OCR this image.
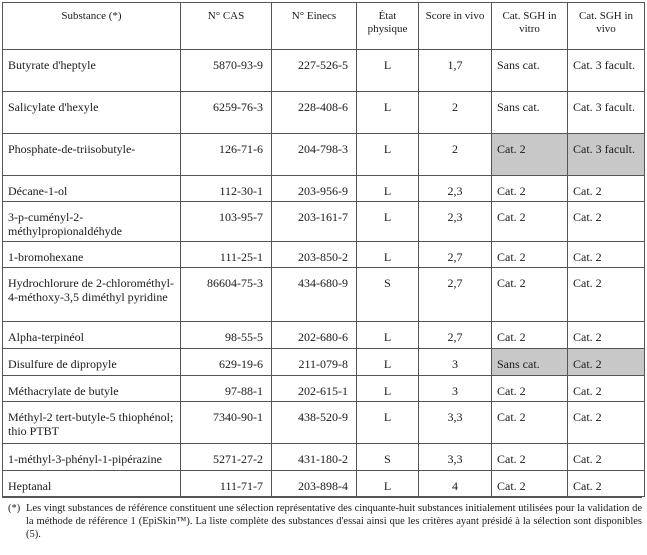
Substance (*)	N° CAS	N° Einecs	État physique	Score in vivo	Cat. SGH in vitro	Cat. SGH in vivo
Butyrate d'heptyle	5870-93-9	227-526-5	L	1,7	Sans cat.	Cat. 3 facult.
Salicylate d'hexyle	6259-76-3	228-408-6	L	2	Sans cat.	Cat. 3 facult.
Phosphate-de-triisobutyle-	126-71-6	204-798-3	L	2	Cat. 2	Cat. 3 facult.
Décane-1-ol	112-30-1	203-956-9	L	2,3	Cat. 2	Cat. 2
3-p-cuményl-2-méthylpropionaldéhyde	103-95-7	203-161-7	L	2,3	Cat. 2	Cat. 2
1-bromohexane	111-25-1	203-850-2	L	2,7	Cat. 2	Cat. 2
Hydrochlorure de 2-chlorométhyl-4-méthoxy-3,5 diméthyl pyridine	86604-75-3	434-680-9	S	2,7	Cat. 2	Cat. 2
Alpha-terpinéol	98-55-5	202-680-6	L	2,7	Cat. 2	Cat. 2
Disulfure de dipropyle	629-19-6	211-079-8	L	3	Sans cat.	Cat. 2
Méthacrylate de butyle	97-88-1	202-615-1	L	3	Cat. 2	Cat. 2
Méthyl-2 tert-butyle-5 thiophénol; thio PTBT	7340-90-1	438-520-9	L	3,3	Cat. 2	Cat. 2
1-méthyl-3-phényl-1-pipérazine	5271-27-2	431-180-2	S	3,3	Cat. 2	Cat. 2
Heptanal	111-71-7	203-898-4	L	4	Cat. 2	Cat. 2
(*) Les vingt substances de référence constituent une sélection représentative des cinquante-huit substances initialement utilisées pour la validation de la méthode de référence 1 (EpiSkin™). La liste complète des substances d'essai ainsi que les critères ayant présidé à la sélection sont disponibles (5).
